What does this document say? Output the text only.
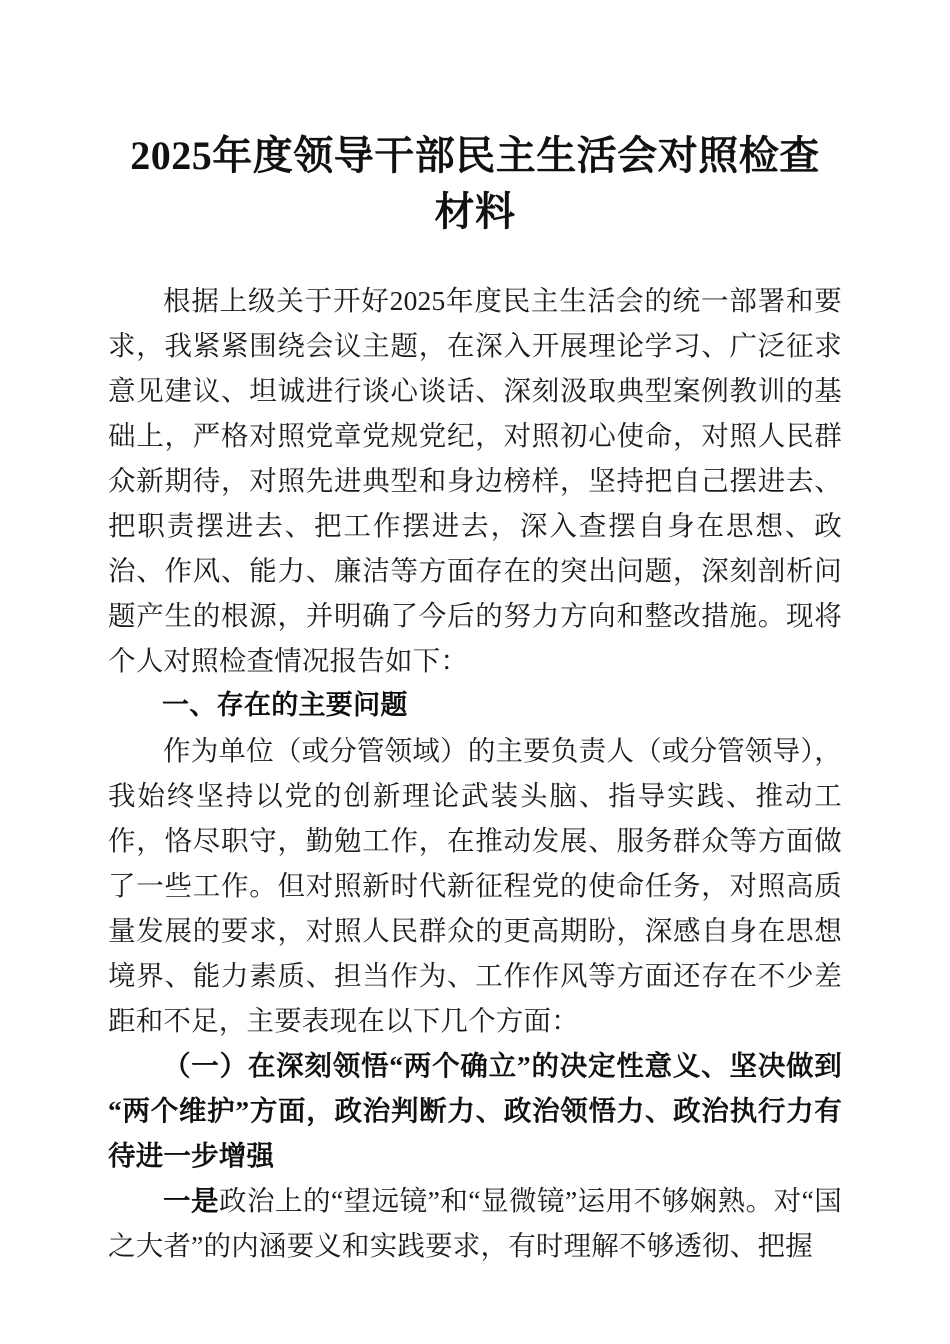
2025年度领导干部民主生活会对照检查
材料

根据上级关于开好2025年度民主生活会的统一部署和要求，我紧紧围绕会议主题，在深入开展理论学习、广泛征求意见建议、坦诚进行谈心谈话、深刻汲取典型案例教训的基础上，严格对照党章党规党纪，对照初心使命，对照人民群众新期待，对照先进典型和身边榜样，坚持把自己摆进去、把职责摆进去、把工作摆进去，深入查摆自身在思想、政治、作风、能力、廉洁等方面存在的突出问题，深刻剖析问题产生的根源，并明确了今后的努力方向和整改措施。现将个人对照检查情况报告如下：

一、存在的主要问题

作为单位（或分管领域）的主要负责人（或分管领导），我始终坚持以党的创新理论武装头脑、指导实践、推动工作，恪尽职守，勤勉工作，在推动发展、服务群众等方面做了一些工作。但对照新时代新征程党的使命任务，对照高质量发展的要求，对照人民群众的更高期盼，深感自身在思想境界、能力素质、担当作为、工作作风等方面还存在不少差距和不足，主要表现在以下几个方面：

（一）在深刻领悟“两个确立”的决定性意义、坚决做到“两个维护”方面，政治判断力、政治领悟力、政治执行力有待进一步增强

一是政治上的“望远镜”和“显微镜”运用不够娴熟。对“国之大者”的内涵要义和实践要求，有时理解不够透彻、把握
